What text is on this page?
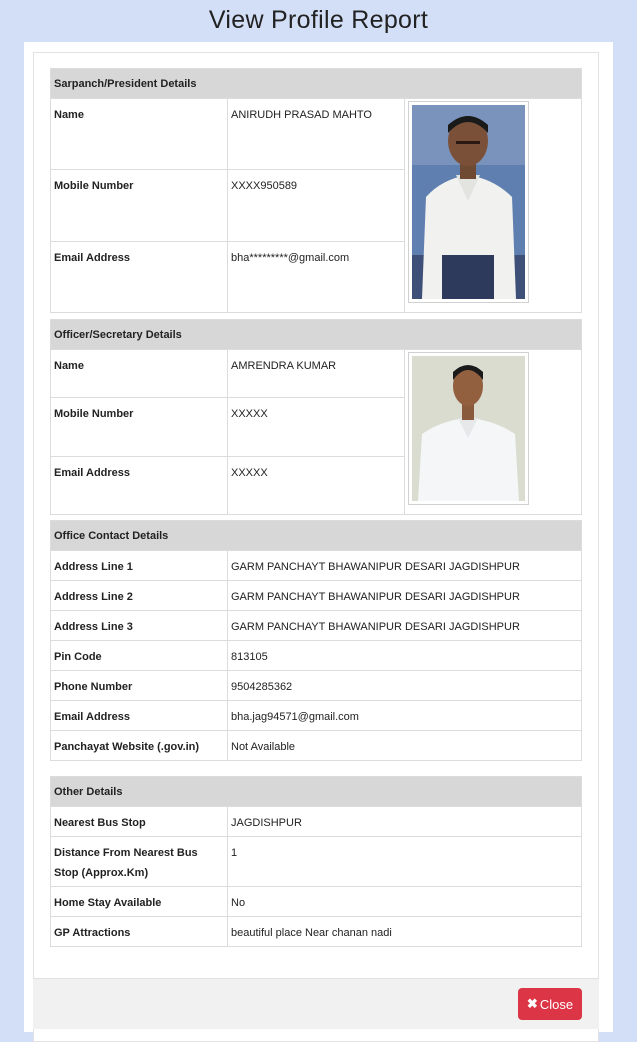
View Profile Report
Sarpanch/President Details		
Name	ANIRUDH PRASAD MAHTO	

Mobile Number	XXXX950589	
Email Address	bha*********@gmail.com	
Officer/Secretary Details		
Name	AMRENDRA KUMAR	

Mobile Number	XXXXX	
Email Address	XXXXX	
Office Contact Details	
Address Line 1	GARM PANCHAYT BHAWANIPUR DESARI JAGDISHPUR
Address Line 2	GARM PANCHAYT BHAWANIPUR DESARI JAGDISHPUR
Address Line 3	GARM PANCHAYT BHAWANIPUR DESARI JAGDISHPUR
Pin Code	813105
Phone Number	9504285362
Email Address	bha.jag94571@gmail.com
Panchayat Website (.gov.in)	Not Available
Other Details	
Nearest Bus Stop	JAGDISHPUR
Distance From Nearest Bus Stop (Approx.Km)	1
Home Stay Available	No
GP Attractions	beautiful place Near chanan nadi
✖ Close
